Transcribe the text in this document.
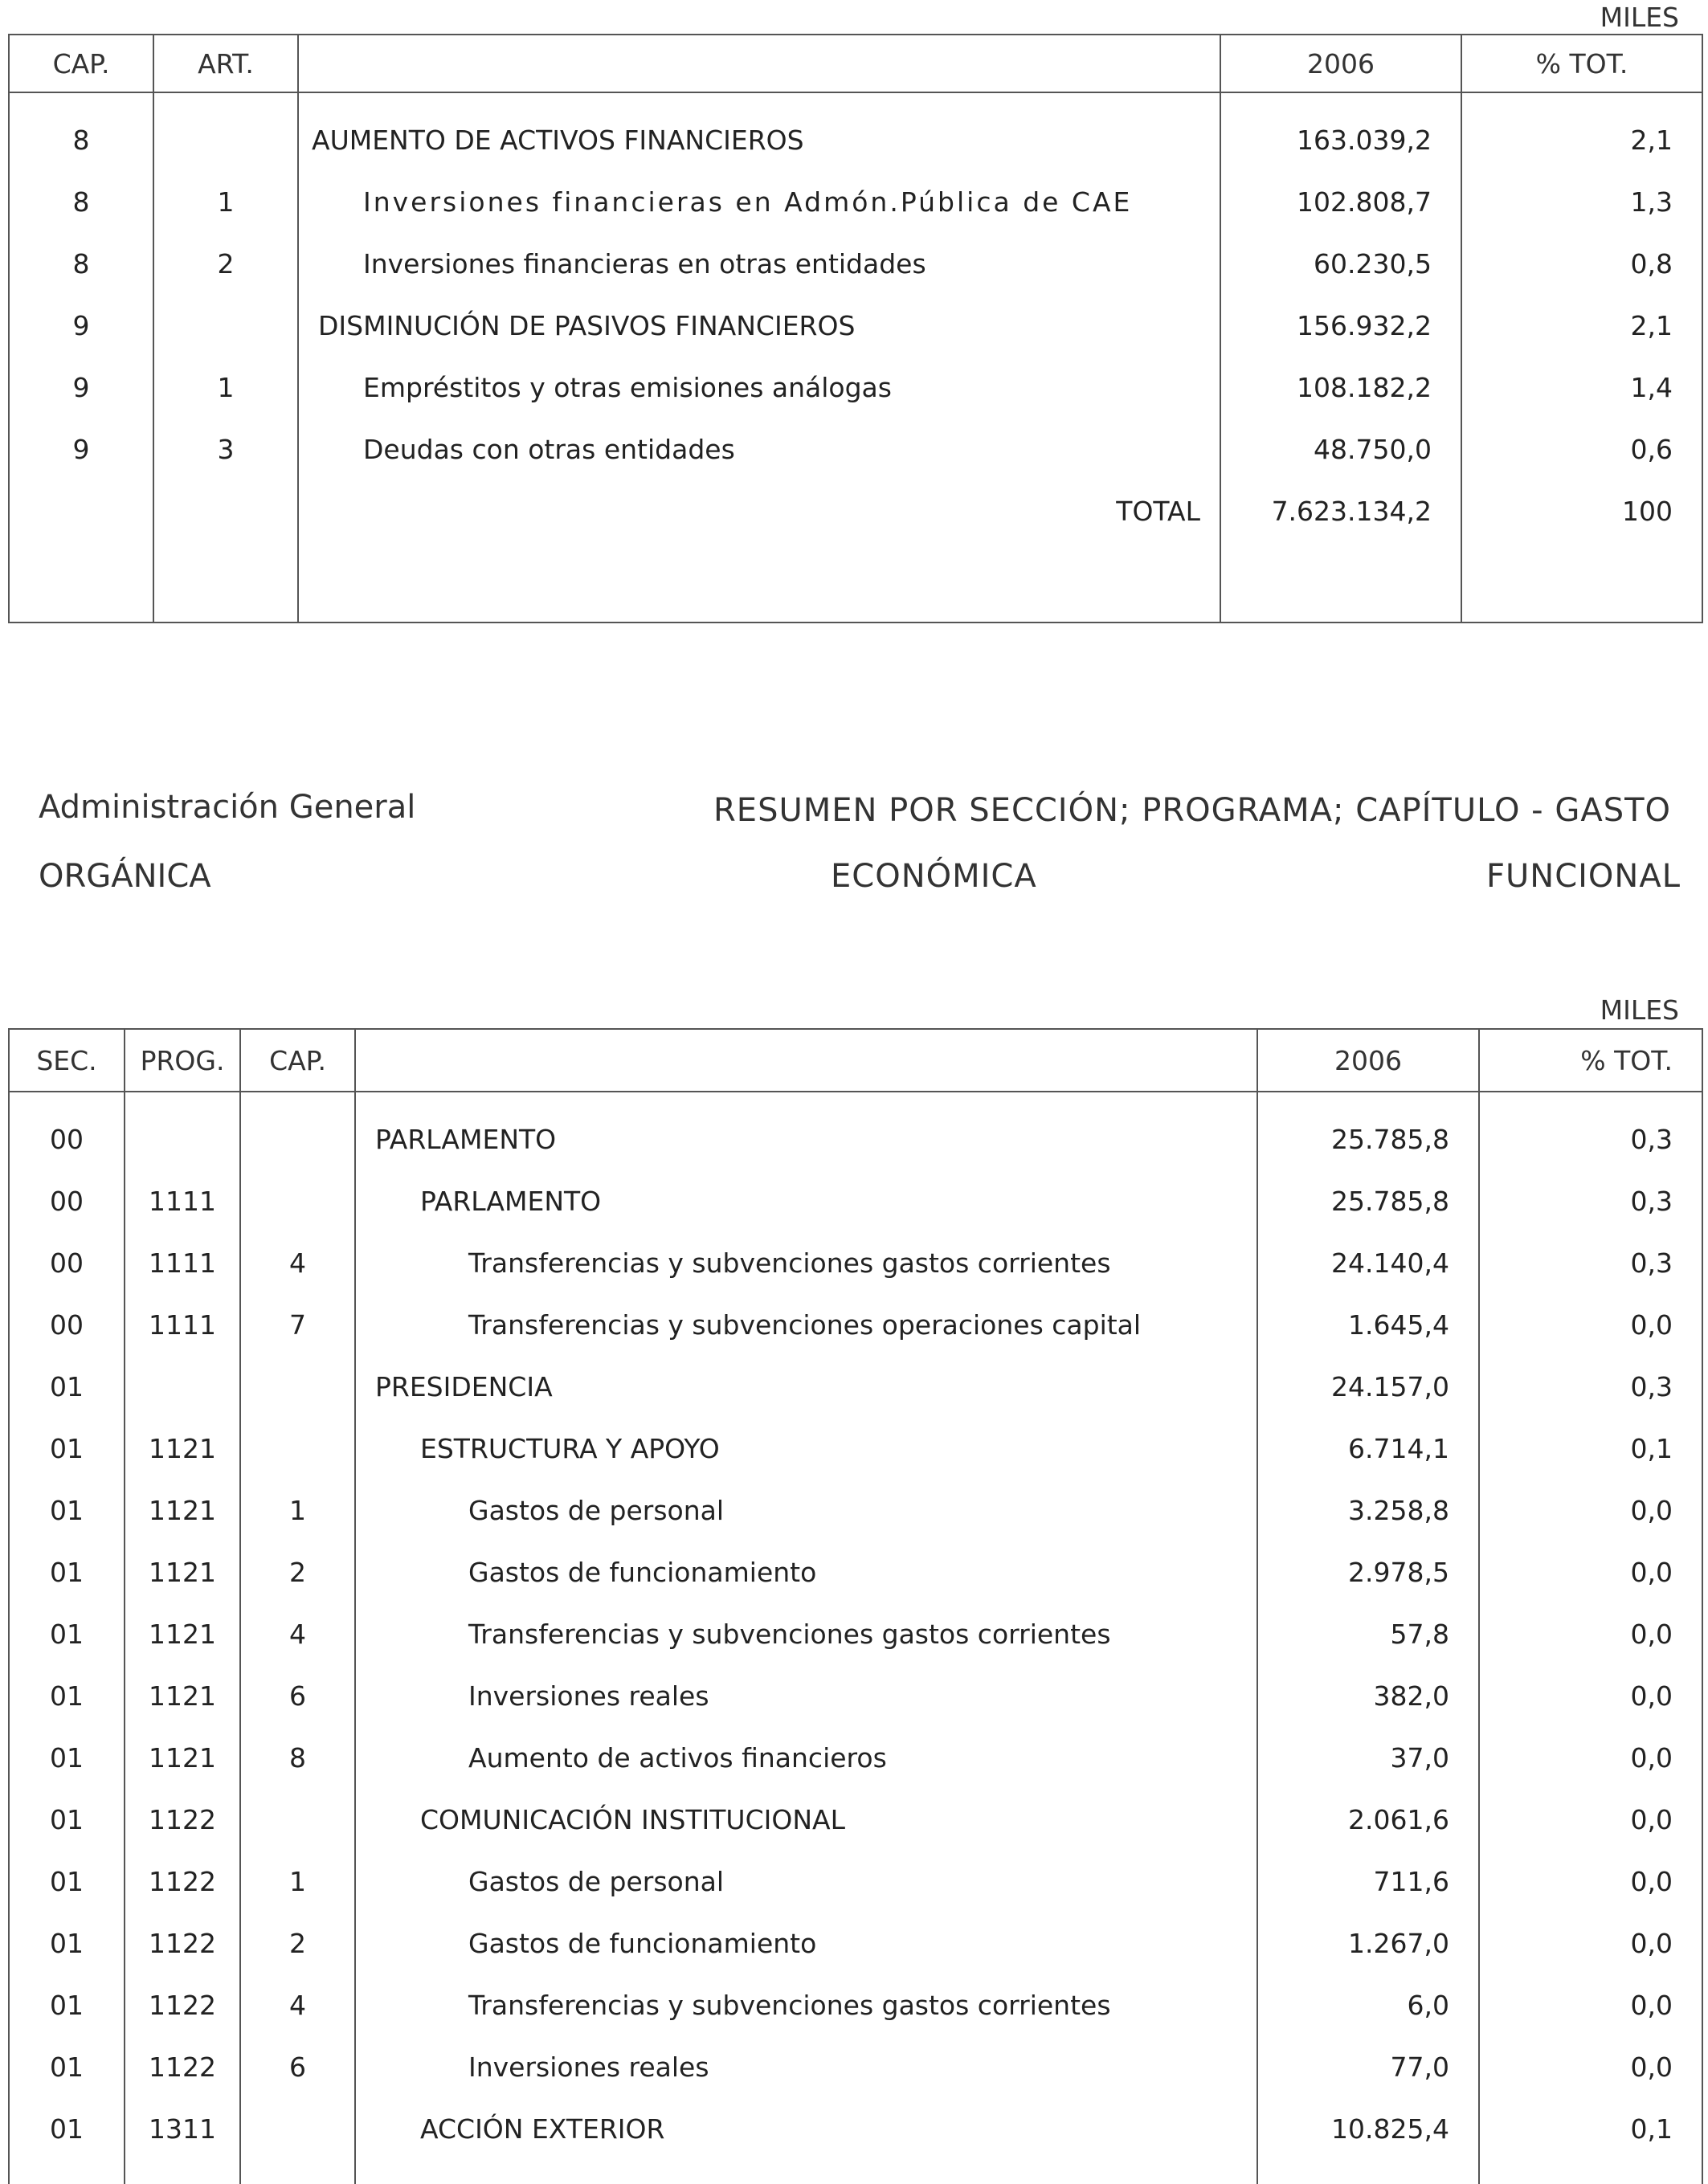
MILES
CAP.	ART.		2006	% TOT.

8		AUMENTO DE ACTIVOS FINANCIEROS	163.039,2	2,1
8	1	Inversiones financieras en Admón.Pública de CAE	102.808,7	1,3
8	2	Inversiones financieras en otras entidades	60.230,5	0,8
9		DISMINUCIÓN DE PASIVOS FINANCIEROS	156.932,2	2,1
9	1	Empréstitos y otras emisiones análogas	108.182,2	1,4
9	3	Deudas con otras entidades	48.750,0	0,6
		TOTAL	7.623.134,2	100

Administración General	RESUMEN POR SECCIÓN; PROGRAMA; CAPÍTULO - GASTO
ORGÁNICA	ECONÓMICA	FUNCIONAL
MILES
SEC.	PROG.	CAP.		2006	% TOT.

00			PARLAMENTO	25.785,8	0,3
00	1111		PARLAMENTO	25.785,8	0,3
00	1111	4	Transferencias y subvenciones gastos corrientes	24.140,4	0,3
00	1111	7	Transferencias y subvenciones operaciones capital	1.645,4	0,0
01			PRESIDENCIA	24.157,0	0,3
01	1121		ESTRUCTURA Y APOYO	6.714,1	0,1
01	1121	1	Gastos de personal	3.258,8	0,0
01	1121	2	Gastos de funcionamiento	2.978,5	0,0
01	1121	4	Transferencias y subvenciones gastos corrientes	57,8	0,0
01	1121	6	Inversiones reales	382,0	0,0
01	1121	8	Aumento de activos financieros	37,0	0,0
01	1122		COMUNICACIÓN INSTITUCIONAL	2.061,6	0,0
01	1122	1	Gastos de personal	711,6	0,0
01	1122	2	Gastos de funcionamiento	1.267,0	0,0
01	1122	4	Transferencias y subvenciones gastos corrientes	6,0	0,0
01	1122	6	Inversiones reales	77,0	0,0
01	1311		ACCIÓN EXTERIOR	10.825,4	0,1
